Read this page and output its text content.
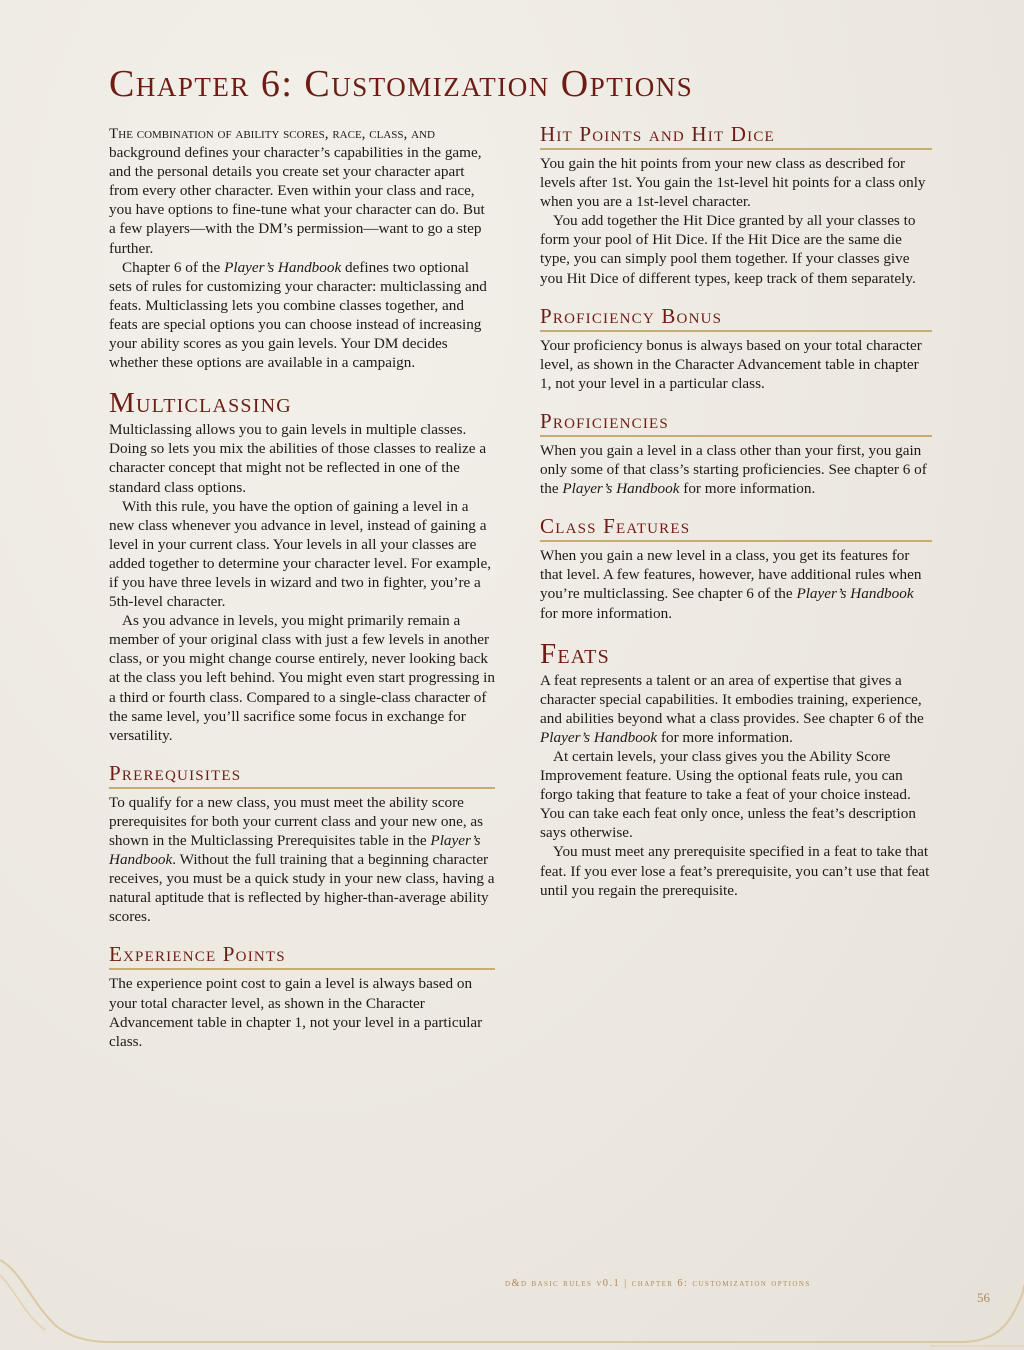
Chapter 6: Customization Options

The combination of ability scores, race, class, and background defines your character’s capabilities in the game, and the personal details you create set your character apart from every other character. Even within your class and race, you have options to fine-tune what your character can do. But a few players—with the DM’s permission—want to go a step further.

Chapter 6 of the Player’s Handbook defines two optional sets of rules for customizing your character: multiclassing and feats. Multiclassing lets you combine classes together, and feats are special options you can choose instead of increasing your ability scores as you gain levels. Your DM decides whether these options are available in a campaign.

Multiclassing

Multiclassing allows you to gain levels in multiple classes. Doing so lets you mix the abilities of those classes to realize a character concept that might not be reflected in one of the standard class options.

With this rule, you have the option of gaining a level in a new class whenever you advance in level, instead of gaining a level in your current class. Your levels in all your classes are added together to determine your character level. For example, if you have three levels in wizard and two in fighter, you’re a 5th-level character.

As you advance in levels, you might primarily remain a member of your original class with just a few levels in another class, or you might change course entirely, never looking back at the class you left behind. You might even start progressing in a third or fourth class. Compared to a single-class character of the same level, you’ll sacrifice some focus in exchange for versatility.

Prerequisites

To qualify for a new class, you must meet the ability score prerequisites for both your current class and your new one, as shown in the Multiclassing Prerequisites table in the Player’s Handbook. Without the full training that a beginning character receives, you must be a quick study in your new class, having a natural aptitude that is reflected by higher-than-average ability scores.

Experience Points

The experience point cost to gain a level is always based on your total character level, as shown in the Character Advancement table in chapter 1, not your level in a particular class.

Hit Points and Hit Dice

You gain the hit points from your new class as described for levels after 1st. You gain the 1st-level hit points for a class only when you are a 1st-level character.

You add together the Hit Dice granted by all your classes to form your pool of Hit Dice. If the Hit Dice are the same die type, you can simply pool them together. If your classes give you Hit Dice of different types, keep track of them separately.

Proficiency Bonus

Your proficiency bonus is always based on your total character level, as shown in the Character Advancement table in chapter 1, not your level in a particular class.

Proficiencies

When you gain a level in a class other than your first, you gain only some of that class’s starting proficiencies. See chapter 6 of the Player’s Handbook for more information.

Class Features

When you gain a new level in a class, you get its features for that level. A few features, however, have additional rules when you’re multiclassing. See chapter 6 of the Player’s Handbook for more information.

Feats

A feat represents a talent or an area of expertise that gives a character special capabilities. It embodies training, experience, and abilities beyond what a class provides. See chapter 6 of the Player’s Handbook for more information.

At certain levels, your class gives you the Ability Score Improvement feature. Using the optional feats rule, you can forgo taking that feature to take a feat of your choice instead. You can take each feat only once, unless the feat’s description says otherwise.

You must meet any prerequisite specified in a feat to take that feat. If you ever lose a feat’s prerequisite, you can’t use that feat until you regain the prerequisite.

d&d basic rules v0.1 | chapter 6: customization options
56
